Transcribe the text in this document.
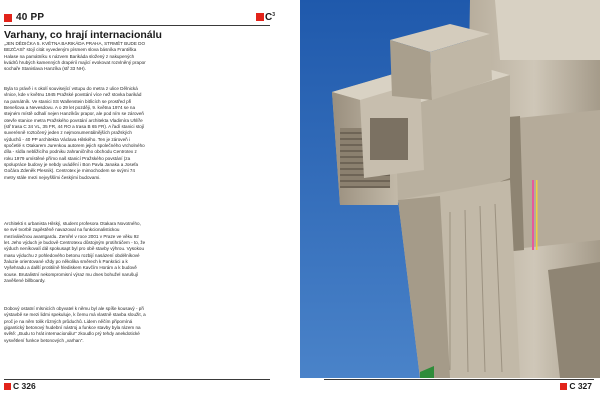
40 PP	$C^3$
Varhany, co hrají internacionálu

„JEN DĚDIČKA 5. KVĚTNA BARIKÁDA PRAHA, STRMĚT BUDE DO BEZČASÍ“ stojí citát vyvedeným písmem slova básníka Františka Halase na památníku s názvem Barikáda složený z nakupených kvádrů hrubých kamenných drapérií mající evokovat rozvlněný prapor sochaře Stanislava Hanzíka (stř 33 NH).

Byla to právě i s okolí související vstupu do metra z ulice Dělnická vlnice, kde v květnu 1945 Pražské povstání více než stovka barikád na památník. Ve stanici SS Wallenstein bitlících se prostřed při Benešova a Nevesdovu. A o 29 let později, 9. května 1974 se na stejném místě odhalí nejen Hanzíkův prapor, ale pod ním se zároveň otevře stanice metra Pražského povstání architekta Vladimíra Uhlíře (stř trasa C 34 VL, 35 FR, 44 RO a trasa B 65 FR). A řadí stanici stojí suverénně roztočený jeden z nejmonumentálnějších pražských výduchů - 40 PP architekta Václava Hilského. Ten je zároveň i spočetlé s Otakarem Jurenkou autorem jejich společného vrcholného díla - sídla nebližicího podniku zahraničního obchodu Centrotex z roku 1979 umístěné přímo naš stanicí Pražského povstání (za spolupráce budovy je nebdy uvádění i Bon Pavla Janaka a Josefa Gočára Zdeněk Plesnik). Centrotex je mimochodem se svými 74 metry stále mezi nejvyššími českými budovami.

Architekti s urbanista Hilský, student profesora Otakara Novotného, se své tvorbě zapěstěně navazoval na funkcionalistickou meziválečnou avantgardu. Zemřel v roce 2001 v Praze ve věku 92 let. Jeho výduch je budově Centrotexu důstojným protihráčem - to, že výduch neníkovalí dál spokusapt byl pro obě stavby výhrou. Vysokou masu výduchu z pohledového betonu rozbijí nasázení obdélníkové žaluzie orientované vždy po několika směrech k Pankráci a k Vyšehradu a další protitiíně hlediskem Kavčím Horám a k budově souse. Brutalistní nekompromisní výraz mu dnes bohužel narušují zavěšené billboardy.

Dobový ostatní mlsnicích obyvatel k němu byl ale spíše kousavý - při výstavbě se mezi lidmi spekuluje, k čemu má vlastně stavba sloužit, a proč je na něm tolik různých průduchů. Lidem něčím připomíná gigantický betonový hudební nástroj a funkce stavby byla rázem na světě: „Budu to hrát internacionálu!“ zkoudlo prý tehdy anekdotické vysvětlení funkce betonových „varhan“.

C 326	C 327
